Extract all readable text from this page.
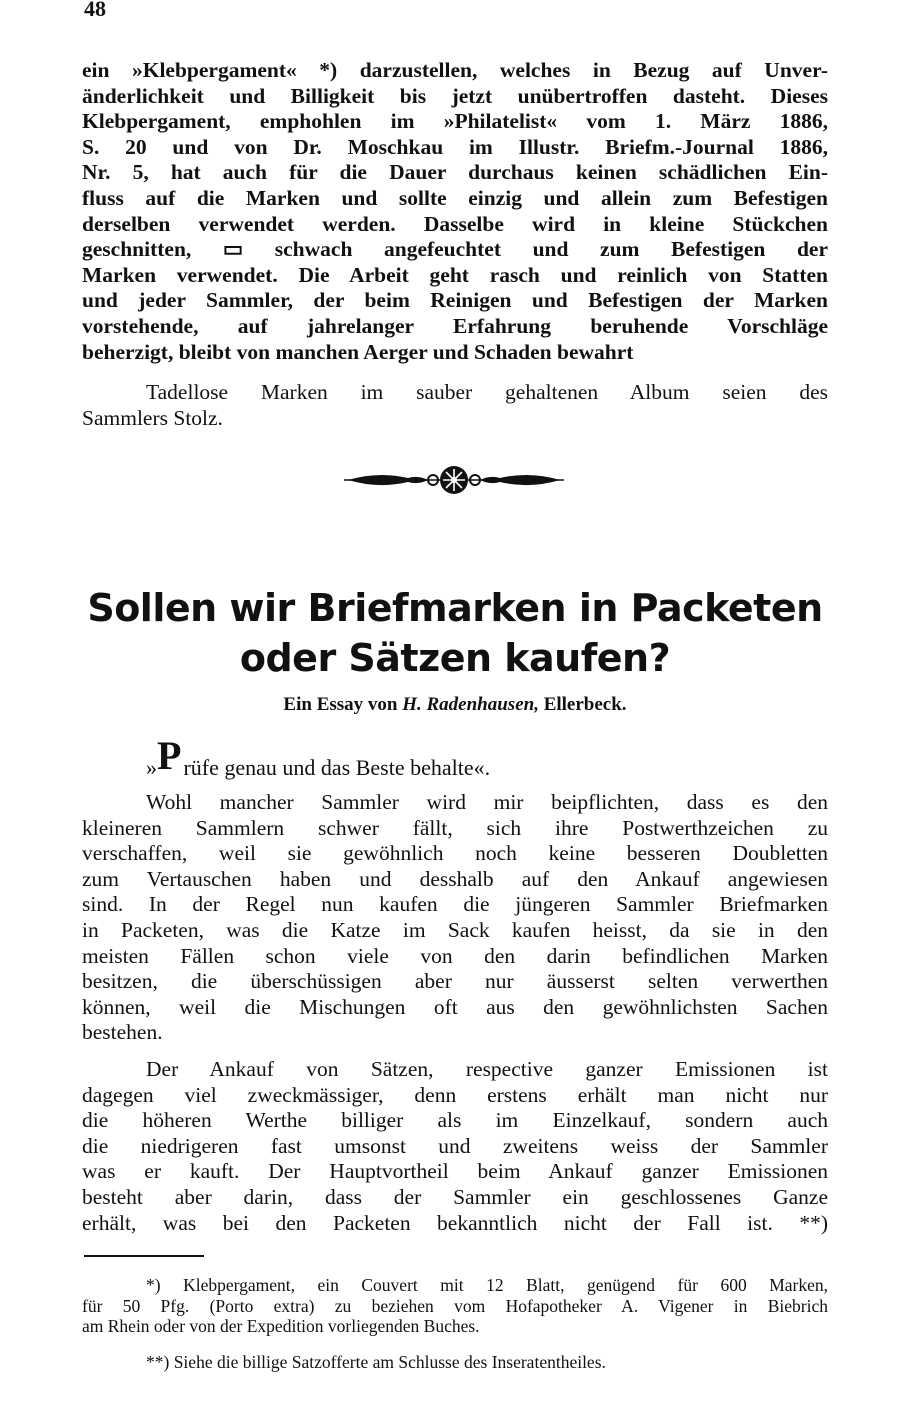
48
ein »Klebpergament« *) darzustellen, welches in Bezug auf Unver-
änderlichkeit und Billigkeit bis jetzt unübertroffen dasteht. Dieses
Klebpergament, emphohlen im »Philatelist« vom 1. März 1886,
S. 20 und von Dr. Moschkau im Illustr. Briefm.-Journal 1886,
Nr. 5, hat auch für die Dauer durchaus keinen schädlichen Ein-
fluss auf die Marken und sollte einzig und allein zum Befestigen
derselben verwendet werden. Dasselbe wird in kleine Stückchen
geschnitten, ▭ schwach angefeuchtet und zum Befestigen der
Marken verwendet. Die Arbeit geht rasch und reinlich von Statten
und jeder Sammler, der beim Reinigen und Befestigen der Marken
vorstehende, auf jahrelanger Erfahrung beruhende Vorschläge
beherzigt, bleibt von manchen Aerger und Schaden bewahrt
Tadellose Marken im sauber gehaltenen Album seien des
Sammlers Stolz.
Sollen wir Briefmarken in Packeten
oder Sätzen kaufen?
Ein Essay von H. Radenhausen, Ellerbeck.
»Prüfe genau und das Beste behalte«.
Wohl mancher Sammler wird mir beipflichten, dass es den
kleineren Sammlern schwer fällt, sich ihre Postwerthzeichen zu
verschaffen, weil sie gewöhnlich noch keine besseren Doubletten
zum Vertauschen haben und desshalb auf den Ankauf angewiesen
sind. In der Regel nun kaufen die jüngeren Sammler Briefmarken
in Packeten, was die Katze im Sack kaufen heisst, da sie in den
meisten Fällen schon viele von den darin befindlichen Marken
besitzen, die überschüssigen aber nur äusserst selten verwerthen
können, weil die Mischungen oft aus den gewöhnlichsten Sachen
bestehen.
Der Ankauf von Sätzen, respective ganzer Emissionen ist
dagegen viel zweckmässiger, denn erstens erhält man nicht nur
die höheren Werthe billiger als im Einzelkauf, sondern auch
die niedrigeren fast umsonst und zweitens weiss der Sammler
was er kauft. Der Hauptvortheil beim Ankauf ganzer Emissionen
besteht aber darin, dass der Sammler ein geschlossenes Ganze
erhält, was bei den Packeten bekanntlich nicht der Fall ist. **)
*) Klebpergament, ein Couvert mit 12 Blatt, genügend für 600 Marken,
für 50 Pfg. (Porto extra) zu beziehen vom Hofapotheker A. Vigener in Biebrich
am Rhein oder von der Expedition vorliegenden Buches.
**) Siehe die billige Satzofferte am Schlusse des Inseratentheiles.
